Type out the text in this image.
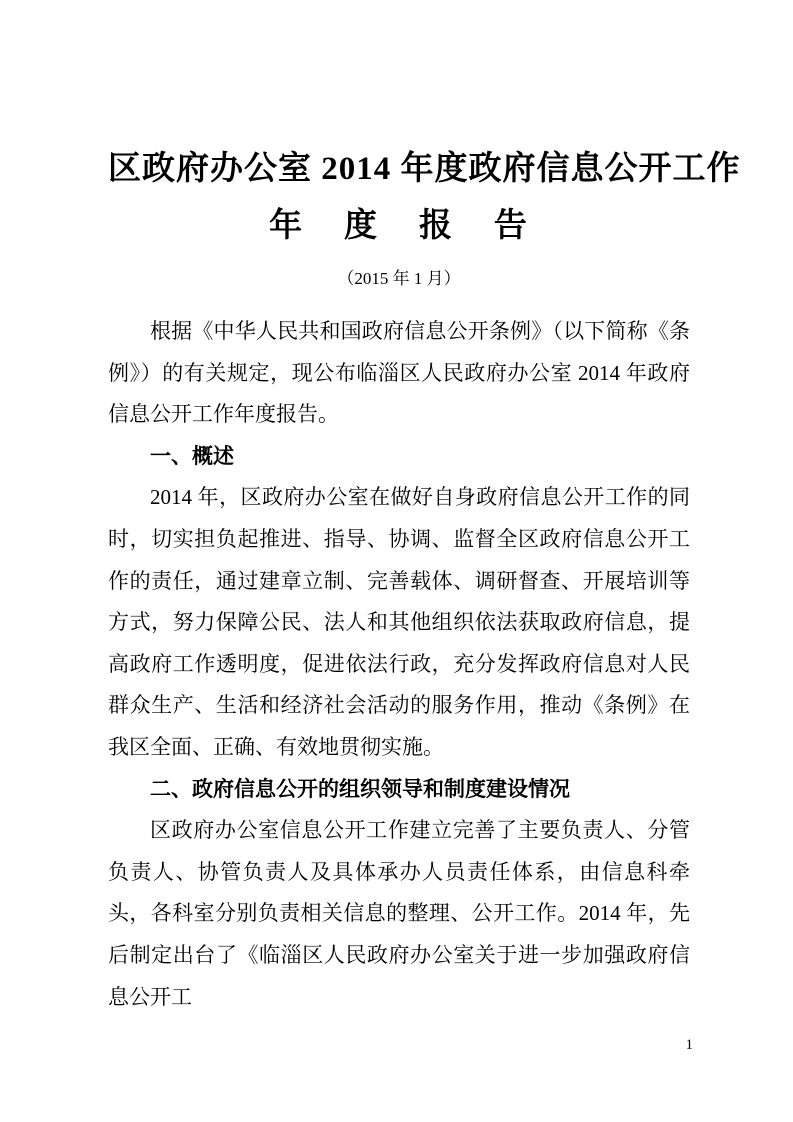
区政府办公室 2014 年度政府信息公开工作
年 度 报 告
（2015 年 1 月）

根据《中华人民共和国政府信息公开条例》（以下简称《条例》）的有关规定，现公布临淄区人民政府办公室 2014 年政府信息公开工作年度报告。

一、概述

2014 年，区政府办公室在做好自身政府信息公开工作的同时，切实担负起推进、指导、协调、监督全区政府信息公开工作的责任，通过建章立制、完善载体、调研督查、开展培训等方式，努力保障公民、法人和其他组织依法获取政府信息，提高政府工作透明度，促进依法行政，充分发挥政府信息对人民群众生产、生活和经济社会活动的服务作用，推动《条例》在我区全面、正确、有效地贯彻实施。

二、政府信息公开的组织领导和制度建设情况

区政府办公室信息公开工作建立完善了主要负责人、分管负责人、协管负责人及具体承办人员责任体系，由信息科牵头，各科室分别负责相关信息的整理、公开工作。2014 年，先后制定出台了《临淄区人民政府办公室关于进一步加强政府信息公开工

1
